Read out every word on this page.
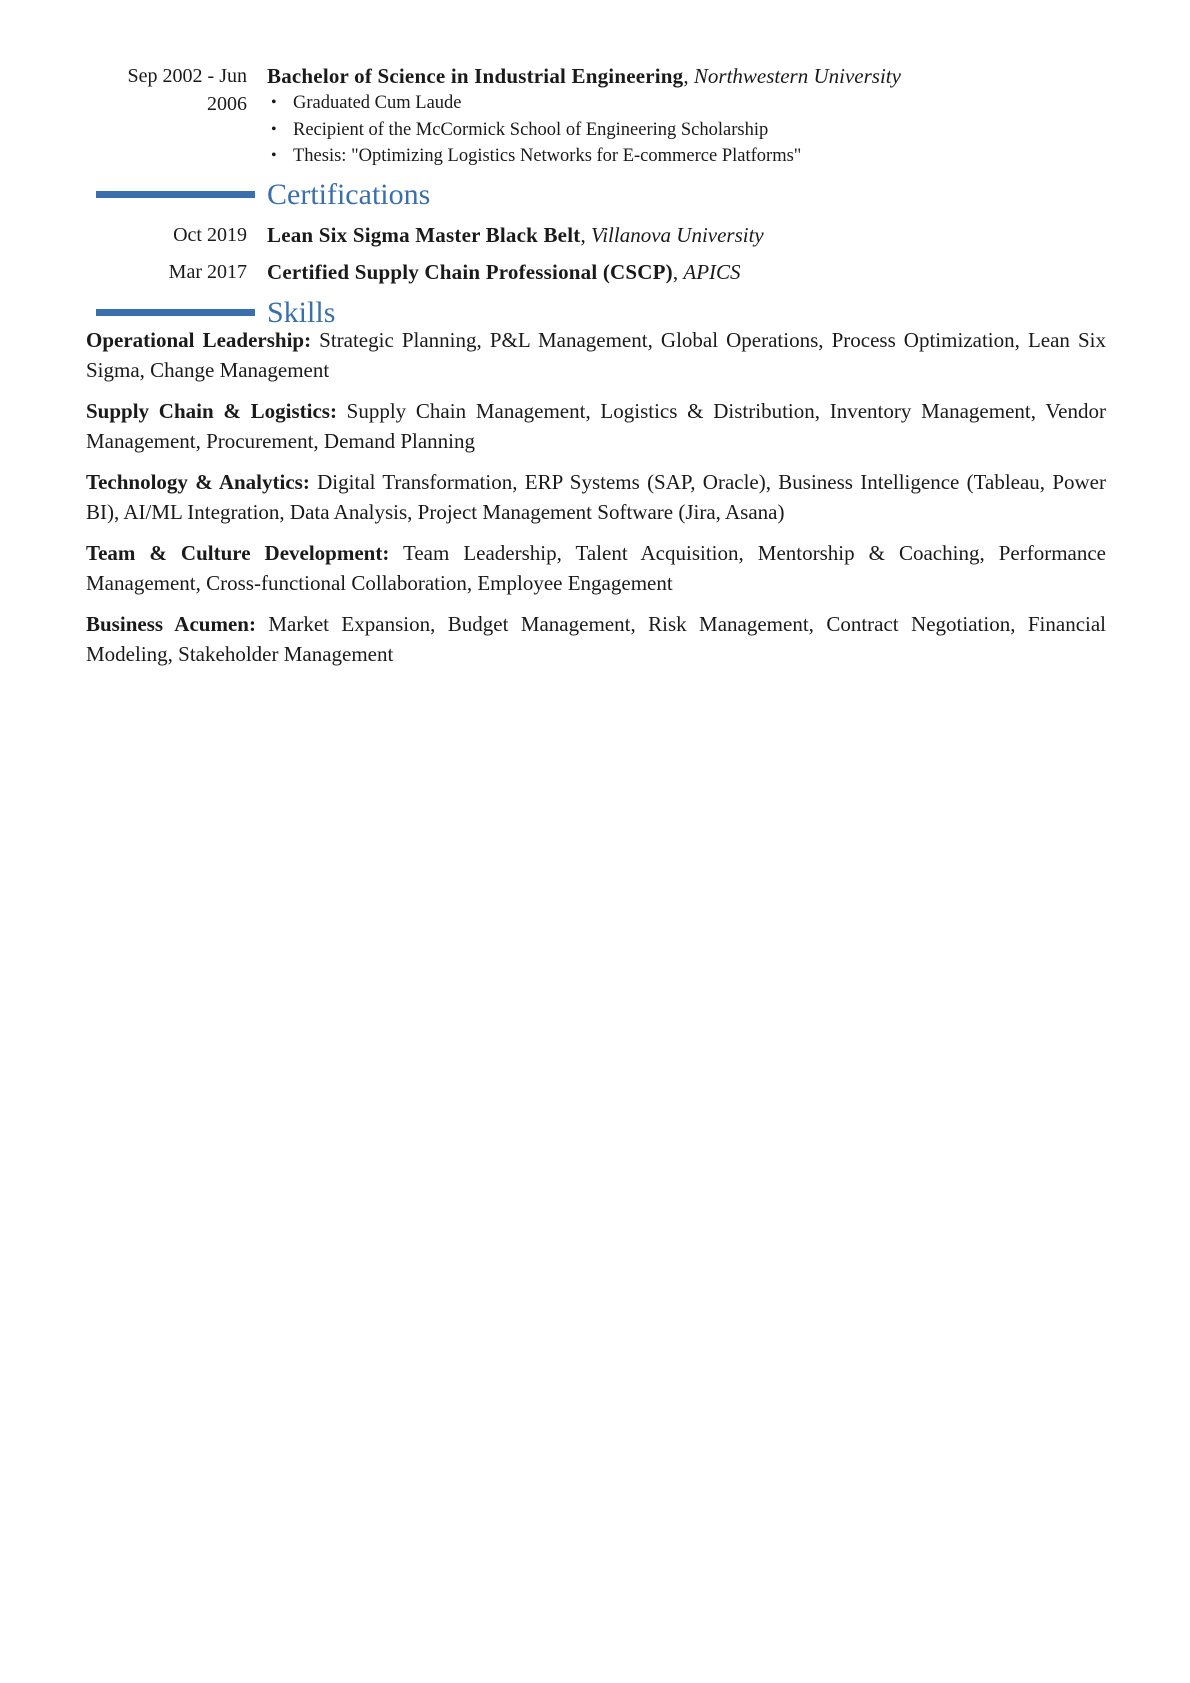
Sep 2002 - Jun
2006
Bachelor of Science in Industrial Engineering, Northwestern University
• Graduated Cum Laude
• Recipient of the McCormick School of Engineering Scholarship
• Thesis: "Optimizing Logistics Networks for E-commerce Platforms"
Certifications
Oct 2019 Lean Six Sigma Master Black Belt, Villanova University
Mar 2017 Certified Supply Chain Professional (CSCP), APICS
Skills

Operational Leadership: Strategic Planning, P&L Management, Global Operations, Process Optimization, Lean Six Sigma, Change Management

Supply Chain & Logistics: Supply Chain Management, Logistics & Distribution, Inventory Management, Vendor Management, Procurement, Demand Planning

Technology & Analytics: Digital Transformation, ERP Systems (SAP, Oracle), Business Intelligence (Tableau, Power BI), AI/ML Integration, Data Analysis, Project Management Software (Jira, Asana)

Team & Culture Development: Team Leadership, Talent Acquisition, Mentorship & Coaching, Performance Management, Cross-functional Collaboration, Employee Engagement

Business Acumen: Market Expansion, Budget Management, Risk Management, Contract Negotiation, Financial Modeling, Stakeholder Management
